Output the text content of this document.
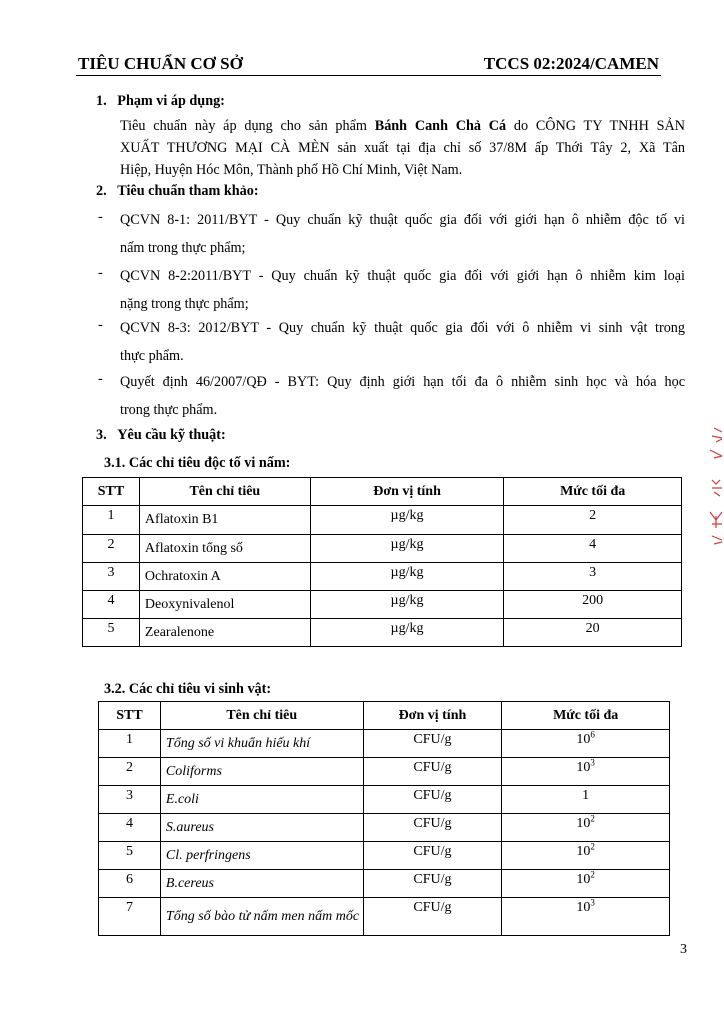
TIÊU CHUẨN CƠ SỞ	TCCS 02:2024/CAMEN
1.   Phạm vi áp dụng:
Tiêu chuẩn này áp dụng cho sản phẩm Bánh Canh Chả Cá do CÔNG TY TNHH SẢN
XUẤT THƯƠNG MẠI CÀ MÈN sản xuất tại địa chỉ số 37/8M ấp Thới Tây 2, Xã Tân
Hiệp, Huyện Hóc Môn, Thành phố Hồ Chí Minh, Việt Nam.
2.   Tiêu chuẩn tham khảo:
- QCVN 8-1: 2011/BYT - Quy chuẩn kỹ thuật quốc gia đối với giới hạn ô nhiễm độc tố vi
nấm trong thực phẩm;
- QCVN 8-2:2011/BYT - Quy chuẩn kỹ thuật quốc gia đối với giới hạn ô nhiễm kim loại
nặng trong thực phẩm;
- QCVN 8-3: 2012/BYT - Quy chuẩn kỹ thuật quốc gia đối với ô nhiễm vi sinh vật trong
thực phẩm.
- Quyết định 46/2007/QĐ - BYT: Quy định giới hạn tối đa ô nhiễm sinh học và hóa học
trong thực phẩm.
3.   Yêu cầu kỹ thuật:
3.1. Các chỉ tiêu độc tố vi nấm:
STT	Tên chỉ tiêu	Đơn vị tính	Mức tối đa
1	Aflatoxin B1	µg/kg	2
2	Aflatoxin tổng số	µg/kg	4
3	Ochratoxin A	µg/kg	3
4	Deoxynivalenol	µg/kg	200
5	Zearalenone	µg/kg	20
3.2. Các chỉ tiêu vi sinh vật:
STT	Tên chỉ tiêu	Đơn vị tính	Mức tối đa
1	Tổng số vi khuẩn hiếu khí	CFU/g	$10^6$
2	Coliforms	CFU/g	$10^3$
3	E.coli	CFU/g	1
4	S.aureus	CFU/g	$10^2$
5	Cl. perfringens	CFU/g	$10^2$
6	B.cereus	CFU/g	$10^2$
7	Tổng số bào tử nấm men nấm mốc	CFU/g	$10^3$
3
